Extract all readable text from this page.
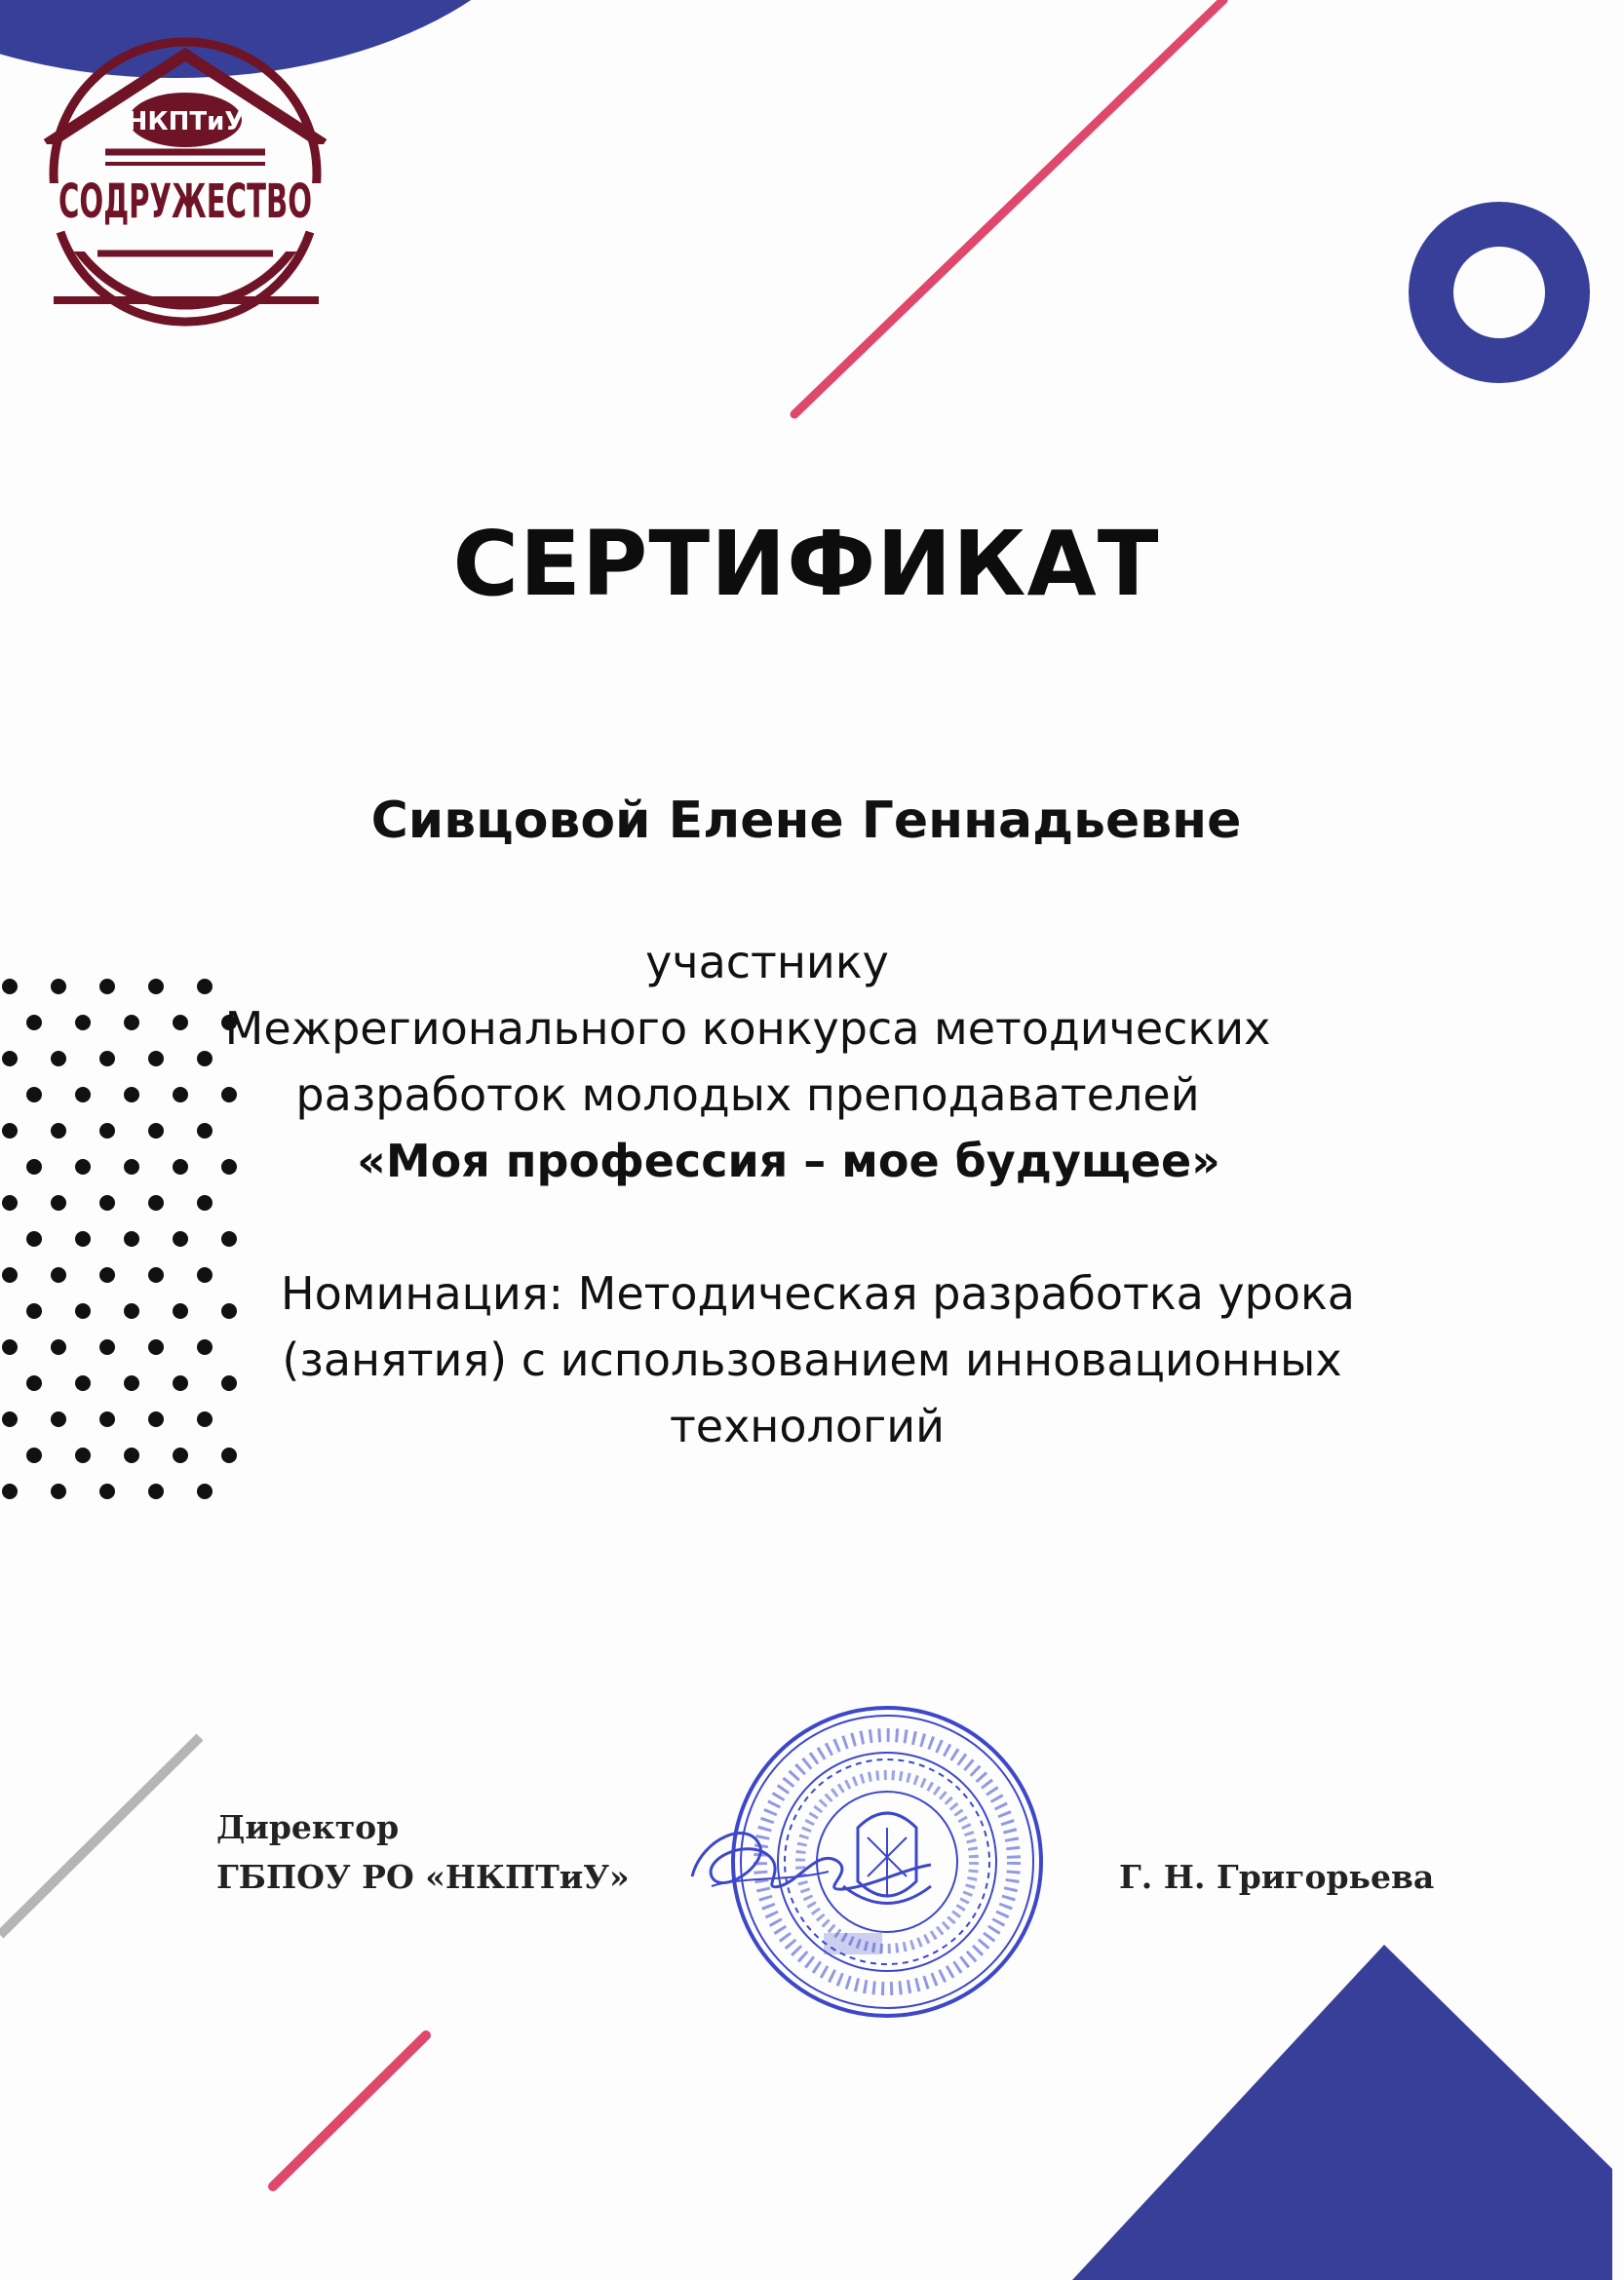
НКПТиУ
СОДРУЖЕСТВО
СЕРТИФИКАТ
Сивцовой Елене Геннадьевне
участнику
Межрегионального конкурса методических
разработок молодых преподавателей
«Моя профессия – мое будущее»
Номинация: Методическая разработка урока
(занятия) с использованием инновационных
технологий
Директор
ГБПОУ РО «НКПТиУ»	Г. Н. Григорьева
